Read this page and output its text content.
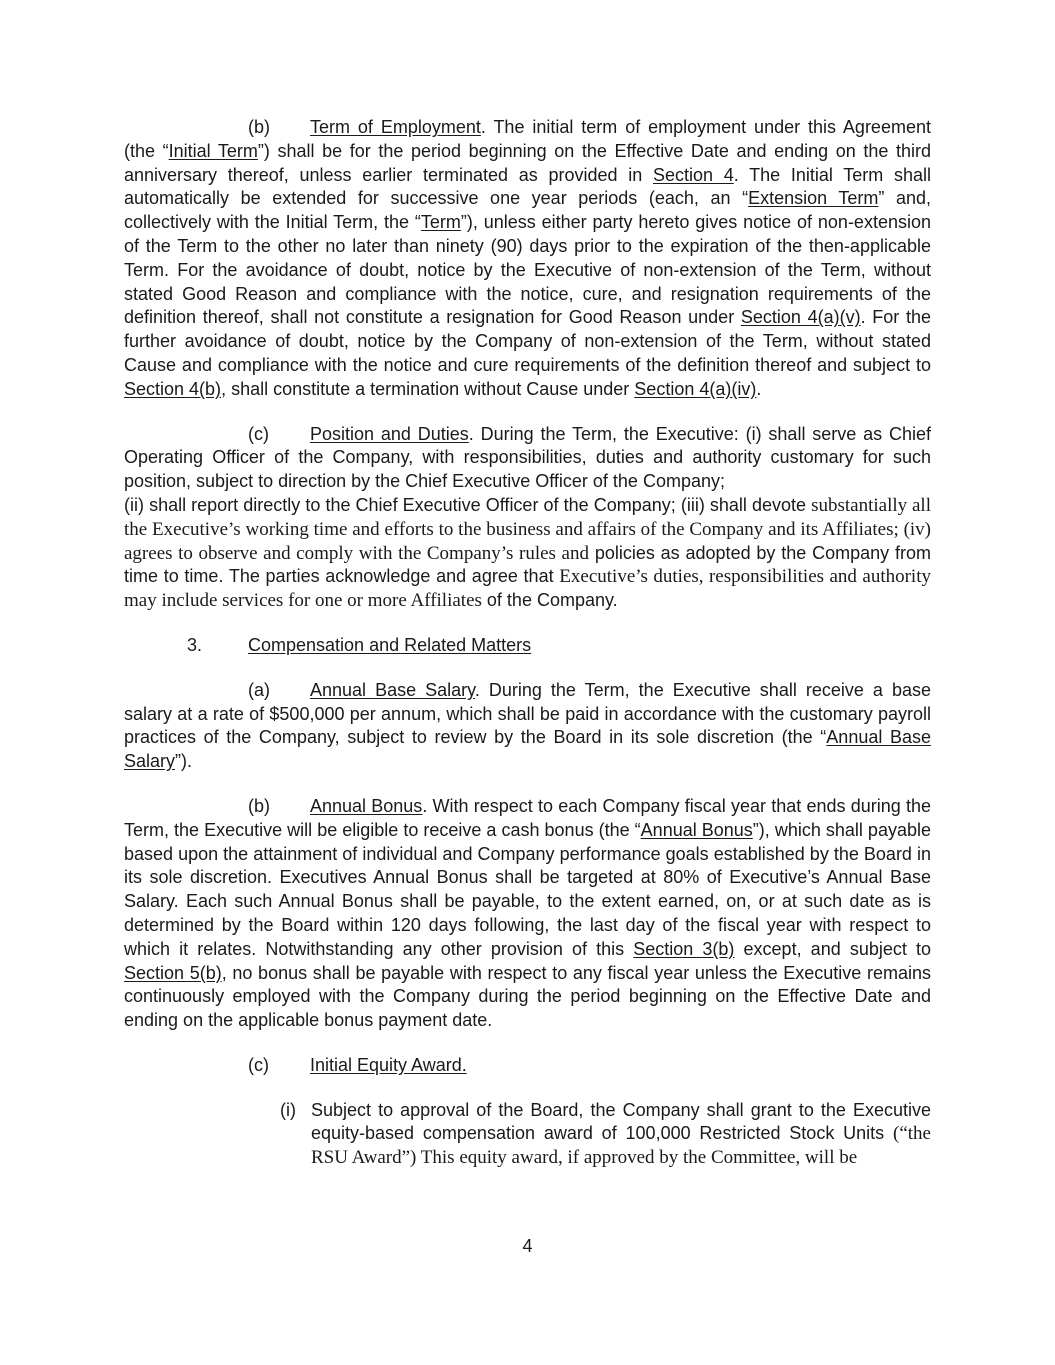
(b) Term of Employment. The initial term of employment under this Agreement (the “Initial Term”) shall be for the period beginning on the Effective Date and ending on the third anniversary thereof, unless earlier terminated as provided in Section 4. The Initial Term shall automatically be extended for successive one year periods (each, an “Extension Term” and, collectively with the Initial Term, the “Term”), unless either party hereto gives notice of non-extension of the Term to the other no later than ninety (90) days prior to the expiration of the then-applicable Term. For the avoidance of doubt, notice by the Executive of non-extension of the Term, without stated Good Reason and compliance with the notice, cure, and resignation requirements of the definition thereof, shall not constitute a resignation for Good Reason under Section 4(a)(v). For the further avoidance of doubt, notice by the Company of non-extension of the Term, without stated Cause and compliance with the notice and cure requirements of the definition thereof and subject to Section 4(b), shall constitute a termination without Cause under Section 4(a)(iv).

(c) Position and Duties. During the Term, the Executive: (i) shall serve as Chief Operating Officer of the Company, with responsibilities, duties and authority customary for such position, subject to direction by the Chief Executive Officer of the Company;

(ii) shall report directly to the Chief Executive Officer of the Company; (iii) shall devote substantially all the Executive’s working time and efforts to the business and affairs of the Company and its Affiliates; (iv) agrees to observe and comply with the Company’s rules and policies as adopted by the Company from time to time. The parties acknowledge and agree that Executive’s duties, responsibilities and authority may include services for one or more Affiliates of the Company.

3.	Compensation and Related Matters

(a) Annual Base Salary. During the Term, the Executive shall receive a base salary at a rate of $500,000 per annum, which shall be paid in accordance with the customary payroll practices of the Company, subject to review by the Board in its sole discretion (the “Annual Base Salary”).

(b) Annual Bonus. With respect to each Company fiscal year that ends during the Term, the Executive will be eligible to receive a cash bonus (the “Annual Bonus”), which shall payable based upon the attainment of individual and Company performance goals established by the Board in its sole discretion. Executives Annual Bonus shall be targeted at 80% of Executive’s Annual Base Salary. Each such Annual Bonus shall be payable, to the extent earned, on, or at such date as is determined by the Board within 120 days following, the last day of the fiscal year with respect to which it relates. Notwithstanding any other provision of this Section 3(b) except, and subject to Section 5(b), no bonus shall be payable with respect to any fiscal year unless the Executive remains continuously employed with the Company during the period beginning on the Effective Date and ending on the applicable bonus payment date.

(c) Initial Equity Award.

(i) Subject to approval of the Board, the Company shall grant to the Executive equity-based compensation award of 100,000 Restricted Stock Units (“the RSU Award”) This equity award, if approved by the Committee, will be
4
